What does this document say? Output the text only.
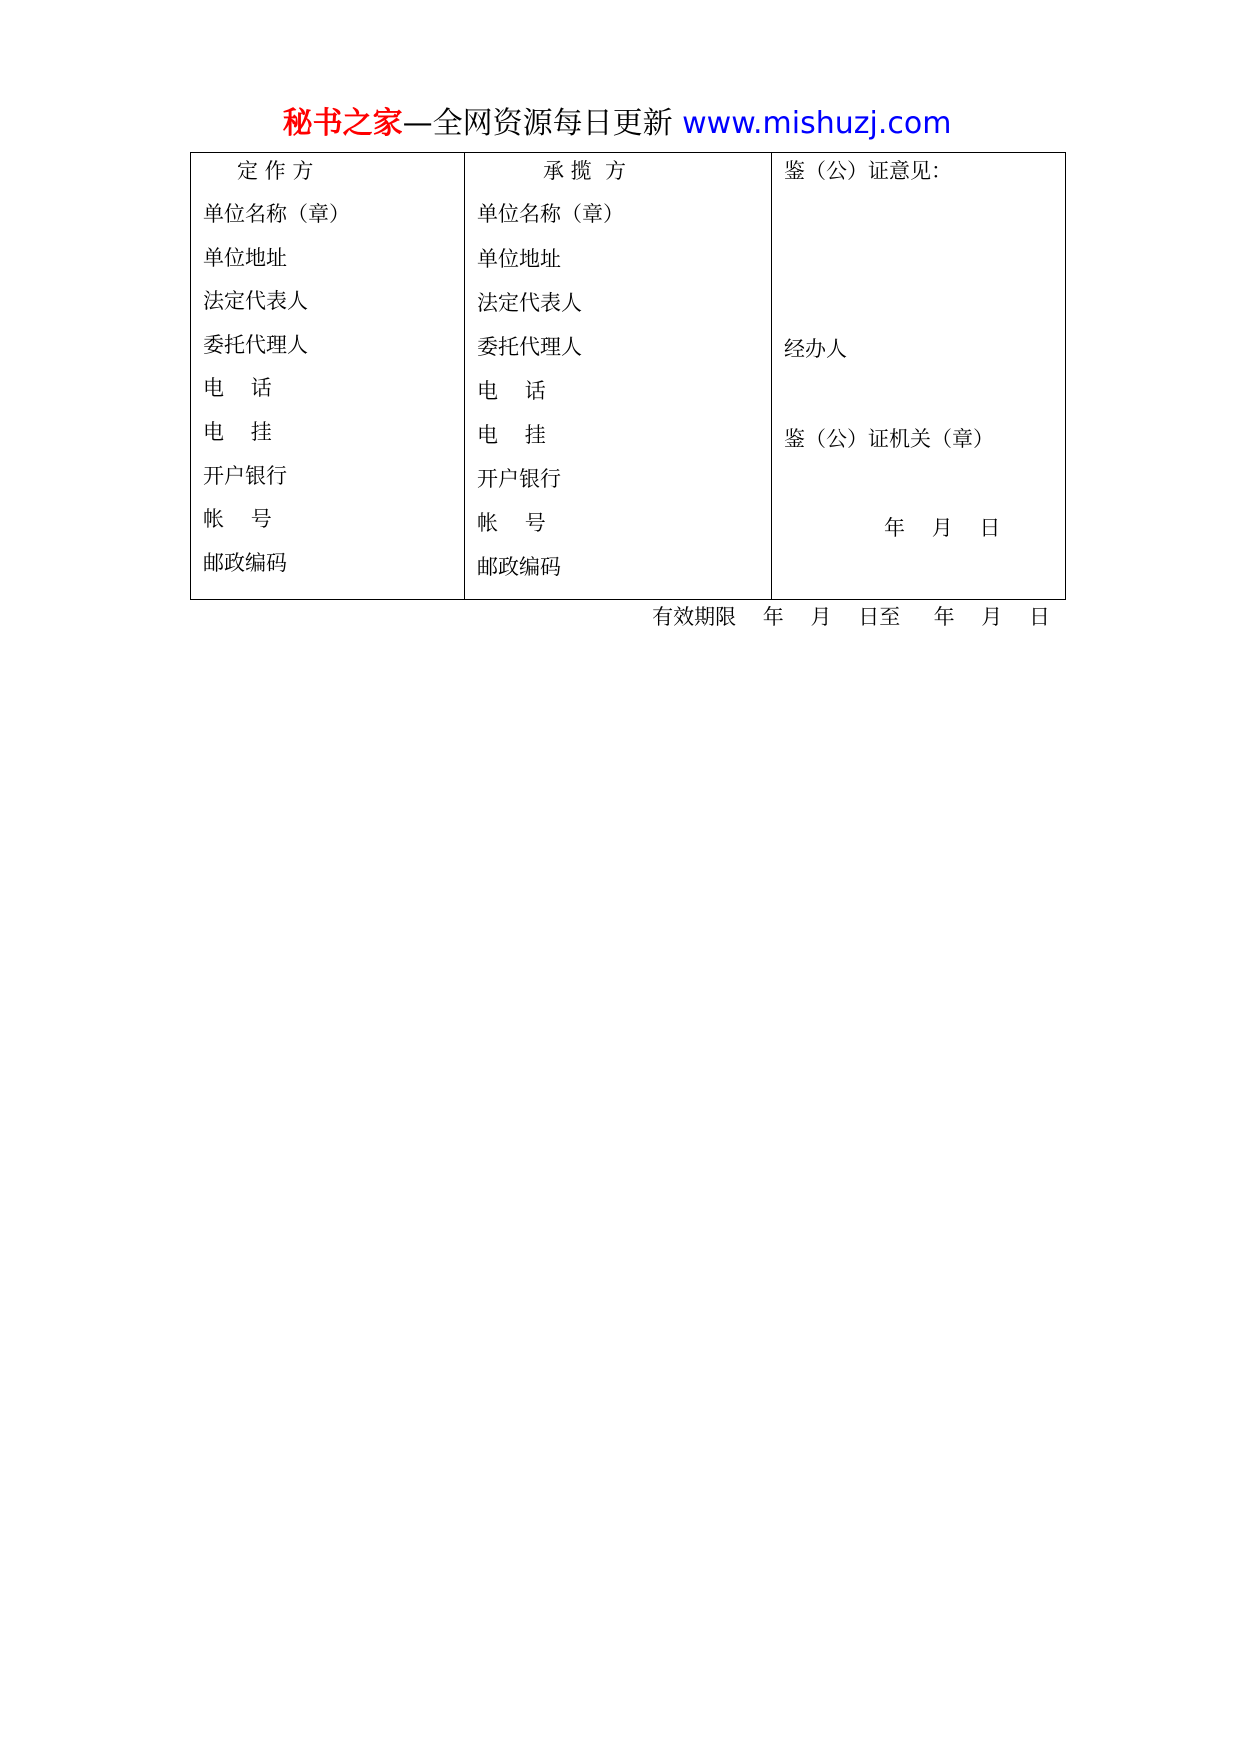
秘书之家—全网资源每日更新 www.mishuzj.com
定 作 方
单位名称（章）
单位地址
法定代表人
委托代理人
电    话
电    挂
开户银行
帐    号
邮政编码
承 揽  方
单位名称（章）
单位地址
法定代表人
委托代理人
电    话
电    挂
开户银行
帐    号
邮政编码
鉴（公）证意见：
经办人
鉴（公）证机关（章）
年    月    日
有效期限    年    月    日至     年    月    日
